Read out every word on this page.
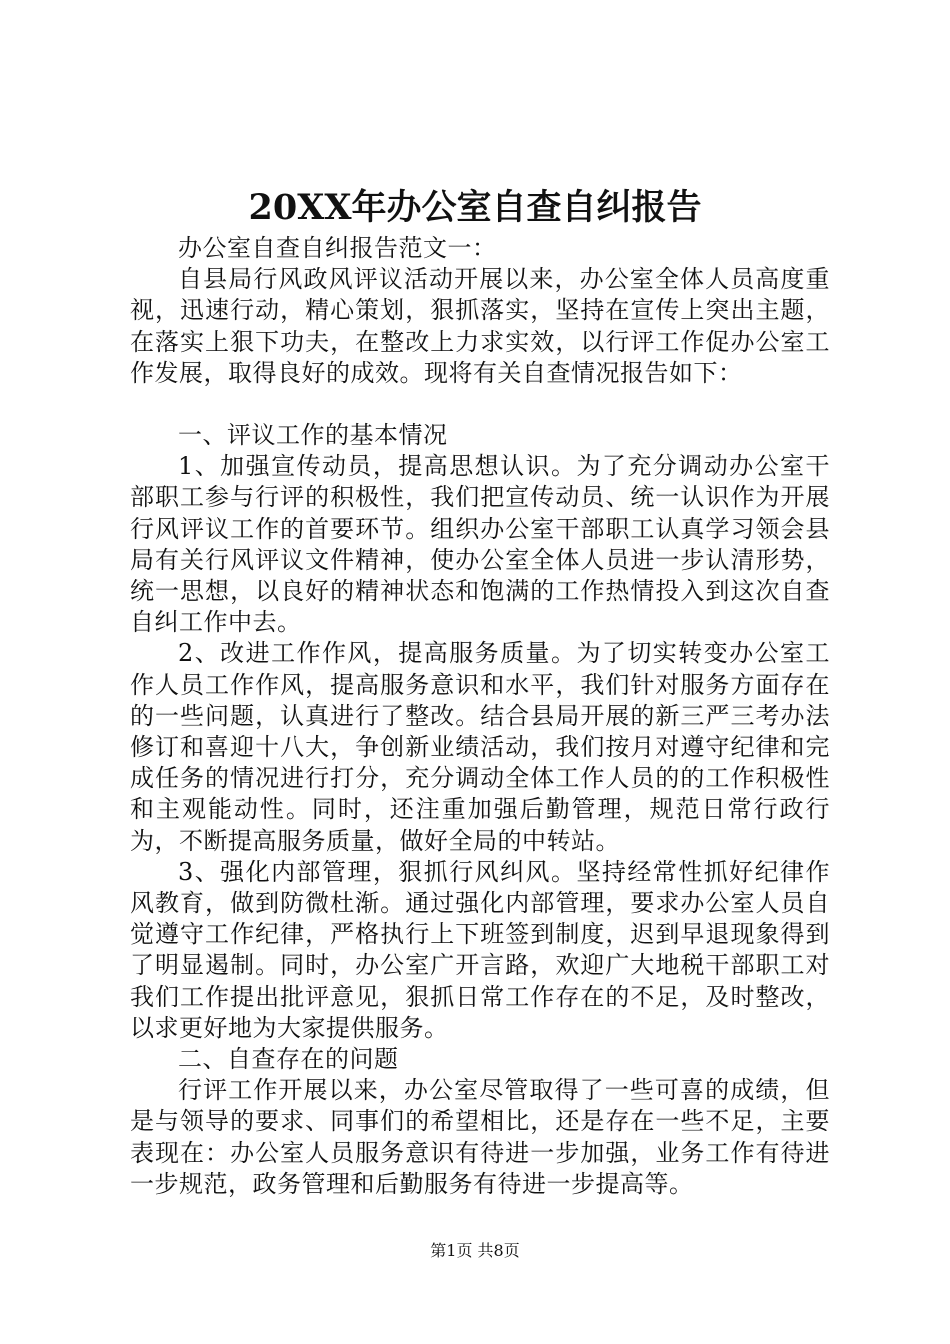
20XX年办公室自查自纠报告

办公室自查自纠报告范文一：

自县局行风政风评议活动开展以来，办公室全体人员高度重视，迅速行动，精心策划，狠抓落实，坚持在宣传上突出主题，在落实上狠下功夫，在整改上力求实效，以行评工作促办公室工作发展，取得良好的成效。现将有关自查情况报告如下：

一、评议工作的基本情况

1、加强宣传动员，提高思想认识。为了充分调动办公室干部职工参与行评的积极性，我们把宣传动员、统一认识作为开展行风评议工作的首要环节。组织办公室干部职工认真学习领会县局有关行风评议文件精神，使办公室全体人员进一步认清形势，统一思想，以良好的精神状态和饱满的工作热情投入到这次自查自纠工作中去。

2、改进工作作风，提高服务质量。为了切实转变办公室工作人员工作作风，提高服务意识和水平，我们针对服务方面存在的一些问题，认真进行了整改。结合县局开展的新三严三考办法修订和喜迎十八大，争创新业绩活动，我们按月对遵守纪律和完成任务的情况进行打分，充分调动全体工作人员的的工作积极性和主观能动性。同时，还注重加强后勤管理，规范日常行政行为，不断提高服务质量，做好全局的中转站。

3、强化内部管理，狠抓行风纠风。坚持经常性抓好纪律作风教育，做到防微杜渐。通过强化内部管理，要求办公室人员自觉遵守工作纪律，严格执行上下班签到制度，迟到早退现象得到了明显遏制。同时，办公室广开言路，欢迎广大地税干部职工对我们工作提出批评意见，狠抓日常工作存在的不足，及时整改，以求更好地为大家提供服务。

二、自查存在的问题

行评工作开展以来，办公室尽管取得了一些可喜的成绩，但是与领导的要求、同事们的希望相比，还是存在一些不足，主要表现在：办公室人员服务意识有待进一步加强，业务工作有待进一步规范，政务管理和后勤服务有待进一步提高等。

第1页 共8页
